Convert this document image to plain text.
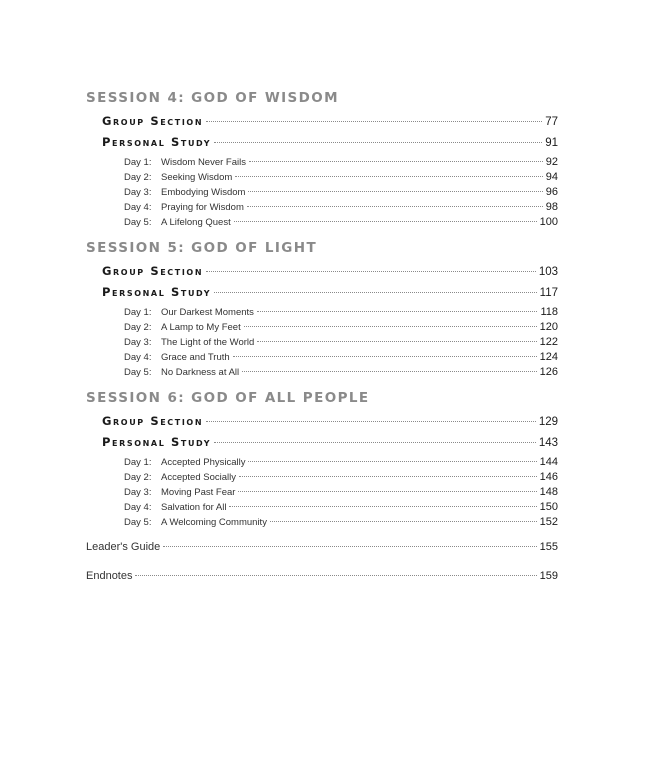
SESSION 4: GOD OF WISDOM
Group Section	77
Personal Study	91
Day 1:	Wisdom Never Fails	92
Day 2:	Seeking Wisdom	94
Day 3:	Embodying Wisdom	96
Day 4:	Praying for Wisdom	98
Day 5:	A Lifelong Quest	100
SESSION 5: GOD OF LIGHT
Group Section	103
Personal Study	117
Day 1:	Our Darkest Moments	118
Day 2:	A Lamp to My Feet	120
Day 3:	The Light of the World	122
Day 4:	Grace and Truth	124
Day 5:	No Darkness at All	126
SESSION 6: GOD OF ALL PEOPLE
Group Section	129
Personal Study	143
Day 1:	Accepted Physically	144
Day 2:	Accepted Socially	146
Day 3:	Moving Past Fear	148
Day 4:	Salvation for All	150
Day 5:	A Welcoming Community	152
Leader's Guide	155
Endnotes	159
